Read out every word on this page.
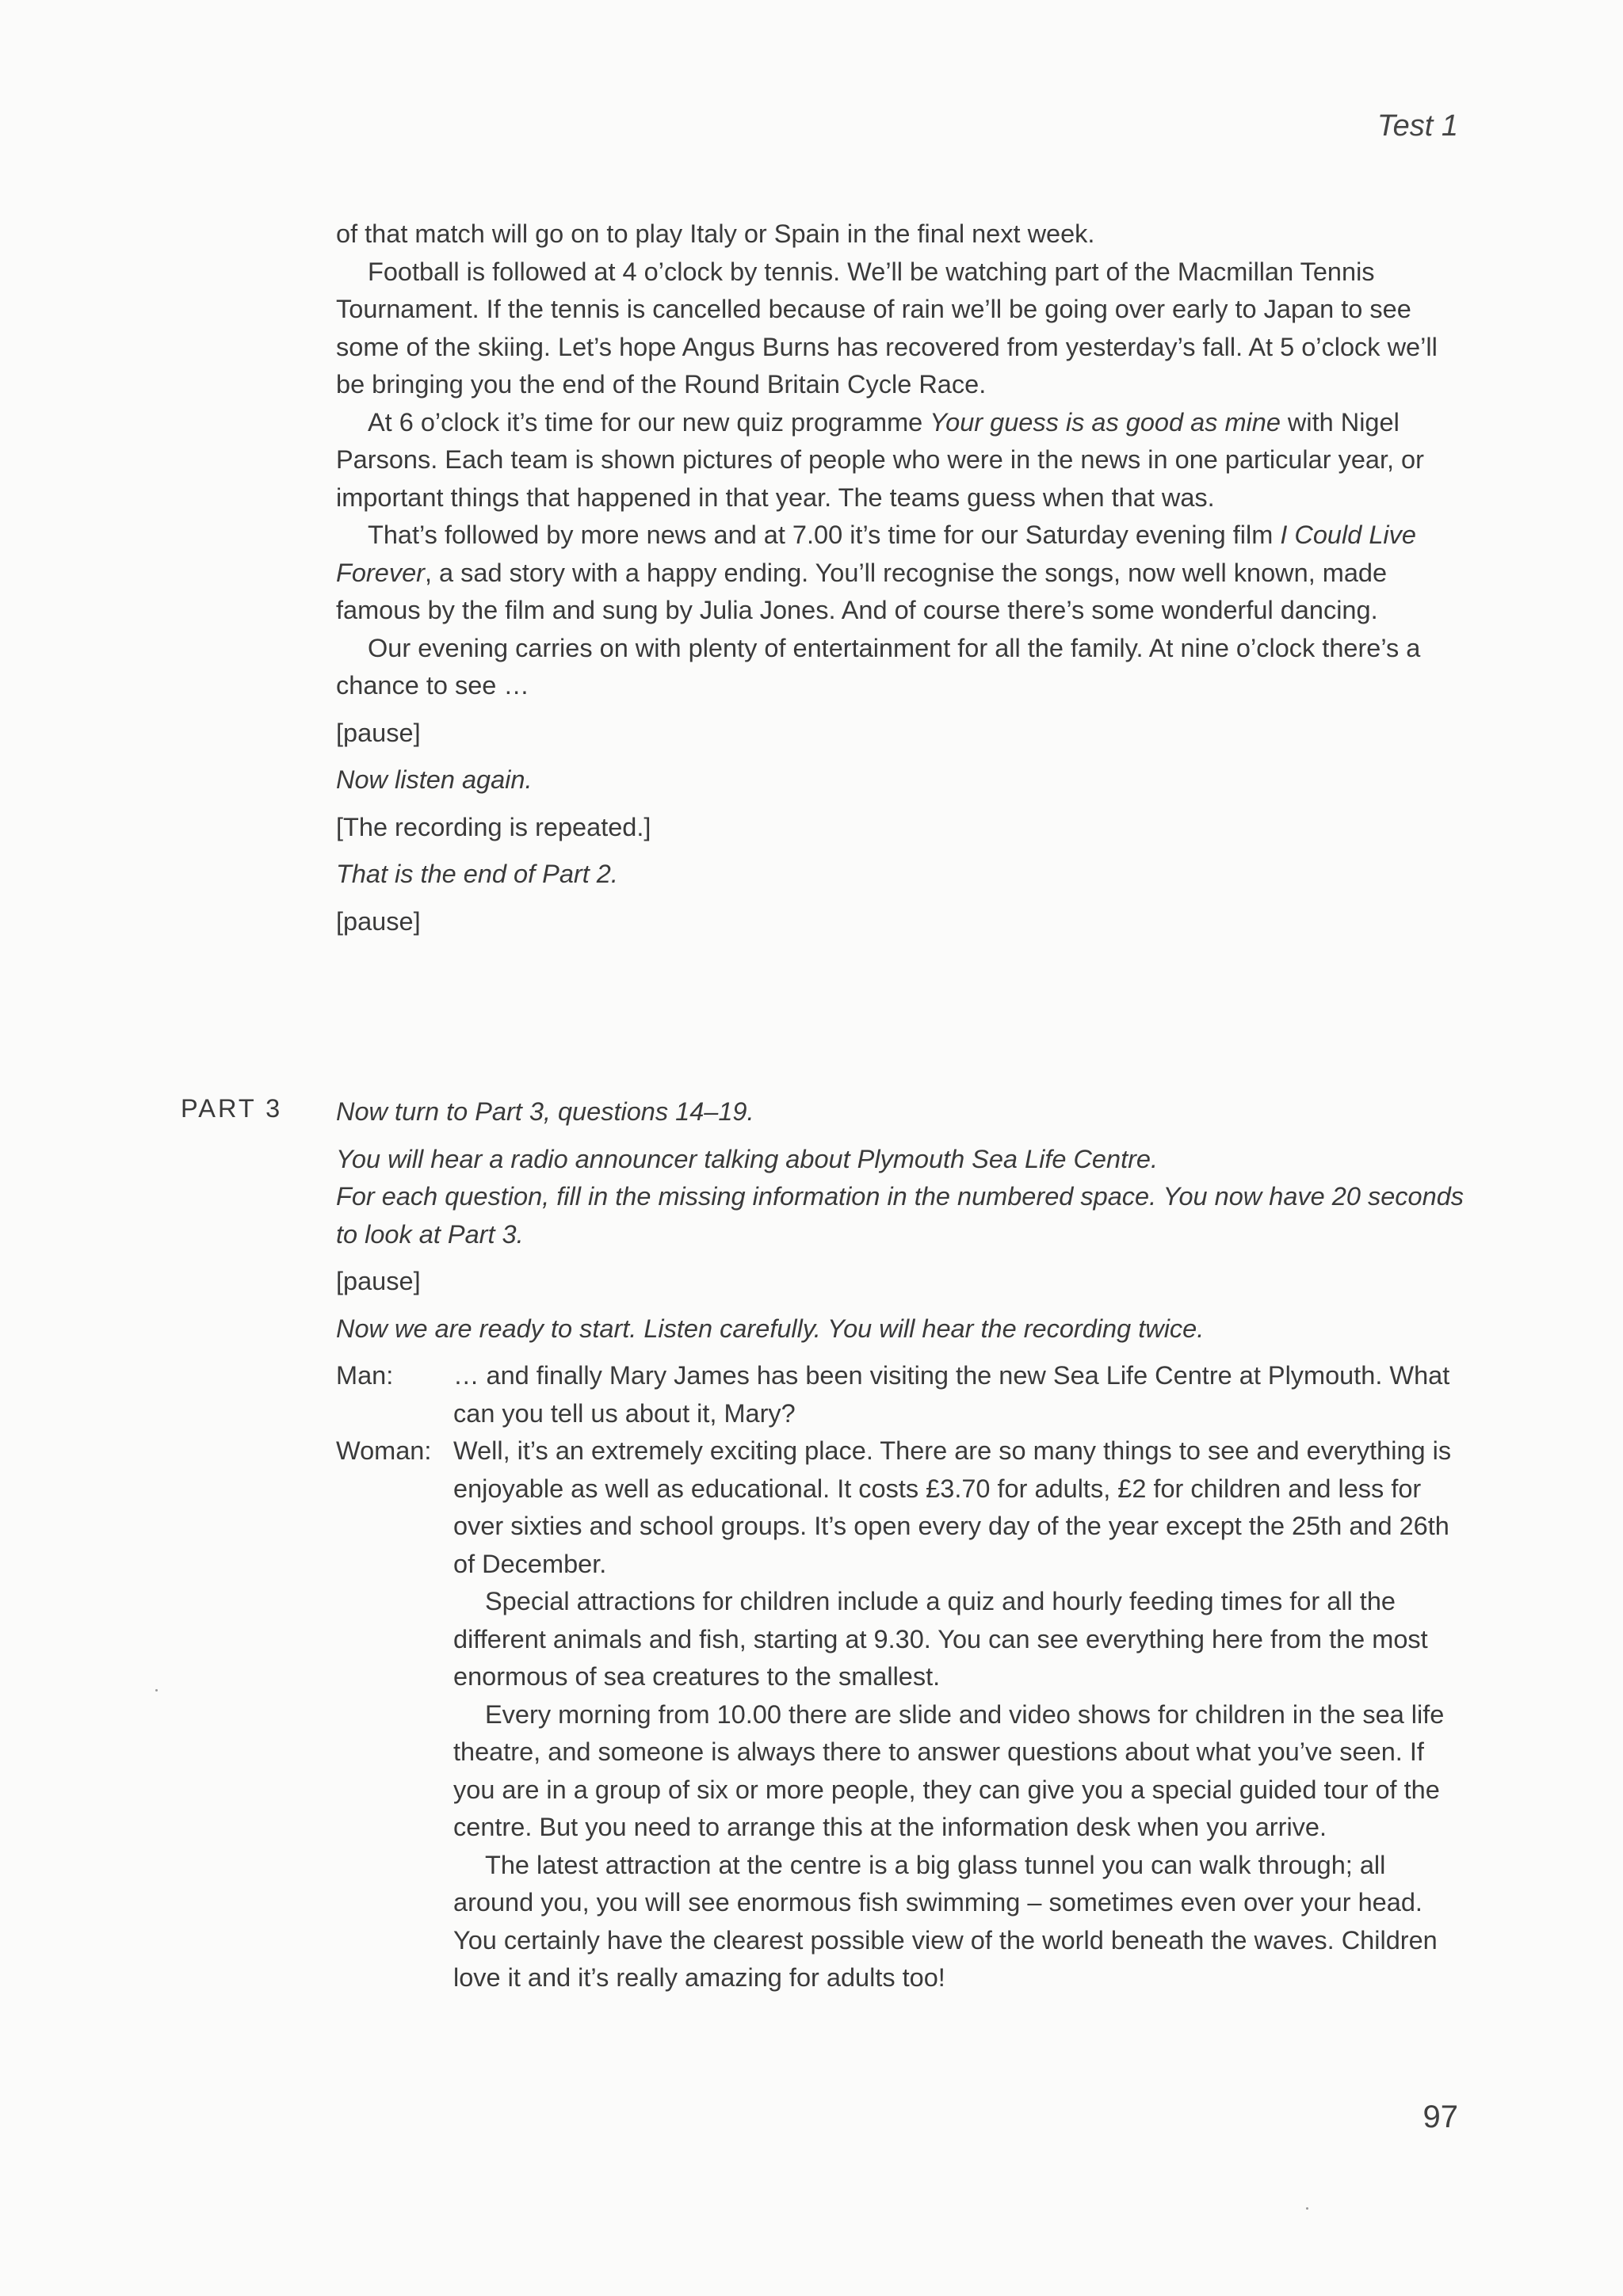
Test 1

of that match will go on to play Italy or Spain in the final next week.

Football is followed at 4 o’clock by tennis. We’ll be watching part of the Macmillan Tennis Tournament. If the tennis is cancelled because of rain we’ll be going over early to Japan to see some of the skiing. Let’s hope Angus Burns has recovered from yesterday’s fall. At 5 o’clock we’ll be bringing you the end of the Round Britain Cycle Race.

At 6 o’clock it’s time for our new quiz programme Your guess is as good as mine with Nigel Parsons. Each team is shown pictures of people who were in the news in one particular year, or important things that happened in that year. The teams guess when that was.

That’s followed by more news and at 7.00 it’s time for our Saturday evening film I Could Live Forever, a sad story with a happy ending. You’ll recognise the songs, now well known, made famous by the film and sung by Julia Jones. And of course there’s some wonderful dancing.

Our evening carries on with plenty of entertainment for all the family. At nine o’clock there’s a chance to see …

[pause]

Now listen again.

[The recording is repeated.]

That is the end of Part 2.

[pause]

PART 3 Now turn to Part 3, questions 14–19.

You will hear a radio announcer talking about Plymouth Sea Life Centre.

For each question, fill in the missing information in the numbered space. You now have 20 seconds to look at Part 3.

[pause]

Now we are ready to start. Listen carefully. You will hear the recording twice.

Man:	… and finally Mary James has been visiting the new Sea Life Centre at Plymouth. What can you tell us about it, Mary?

Woman: Well, it’s an extremely exciting place. There are so many things to see and everything is enjoyable as well as educational. It costs £3.70 for adults, £2 for children and less for over sixties and school groups. It’s open every day of the year except the 25th and 26th of December.

Special attractions for children include a quiz and hourly feeding times for all the different animals and fish, starting at 9.30. You can see everything here from the most enormous of sea creatures to the smallest.

Every morning from 10.00 there are slide and video shows for children in the sea life theatre, and someone is always there to answer questions about what you’ve seen. If you are in a group of six or more people, they can give you a special guided tour of the centre. But you need to arrange this at the information desk when you arrive.

The latest attraction at the centre is a big glass tunnel you can walk through; all around you, you will see enormous fish swimming – sometimes even over your head. You certainly have the clearest possible view of the world beneath the waves. Children love it and it’s really amazing for adults too!

97
